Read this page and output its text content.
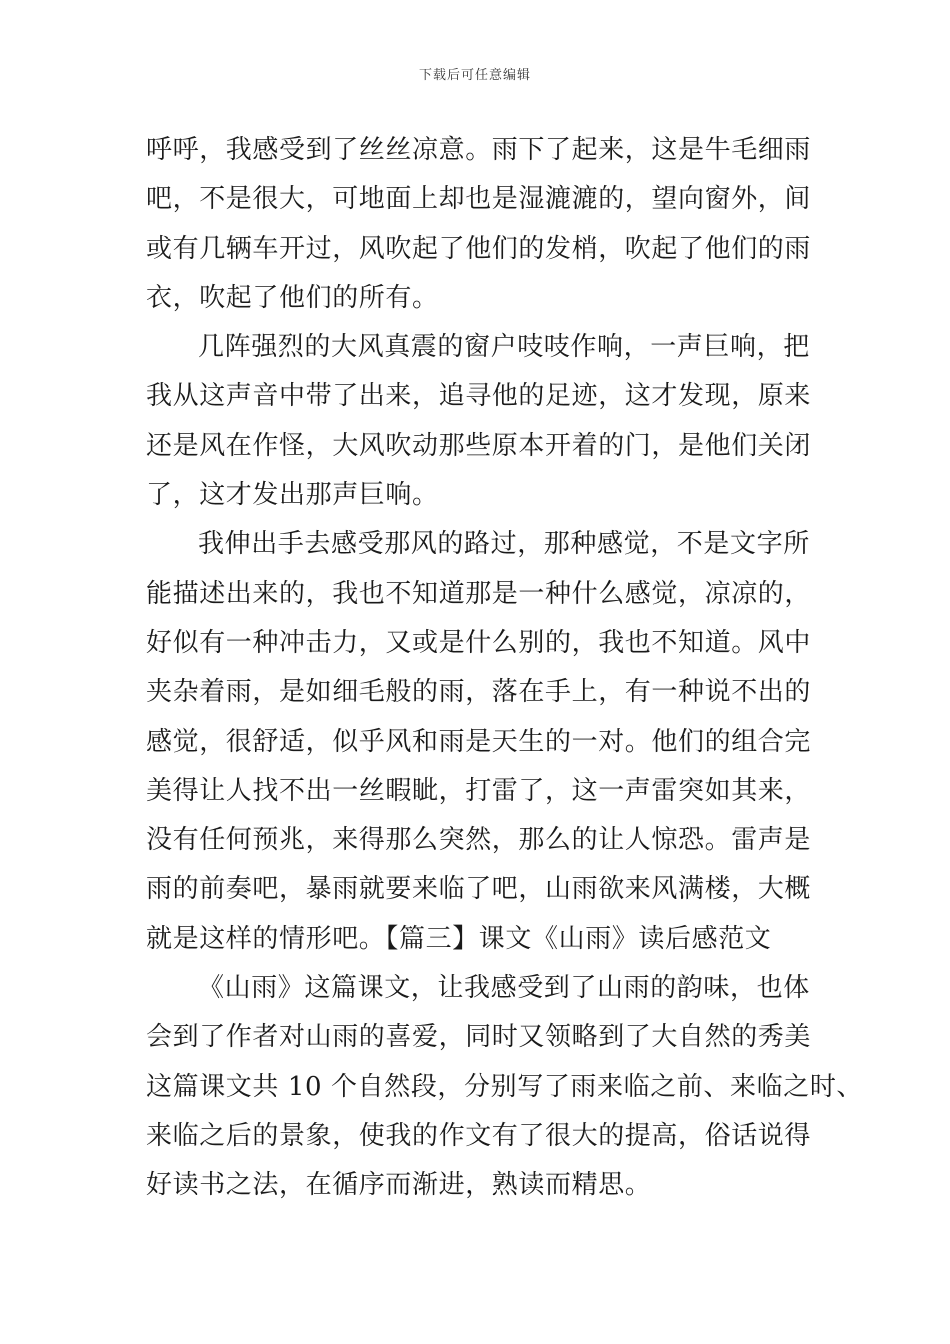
下载后可任意编辑
呼呼，我感受到了丝丝凉意。雨下了起来，这是牛毛细雨
吧，不是很大，可地面上却也是湿漉漉的，望向窗外，间
或有几辆车开过，风吹起了他们的发梢，吹起了他们的雨
衣，吹起了他们的所有。
几阵强烈的大风真震的窗户吱吱作响，一声巨响，把
我从这声音中带了出来，追寻他的足迹，这才发现，原来
还是风在作怪，大风吹动那些原本开着的门，是他们关闭
了，这才发出那声巨响。
我伸出手去感受那风的路过，那种感觉，不是文字所
能描述出来的，我也不知道那是一种什么感觉，凉凉的，
好似有一种冲击力，又或是什么别的，我也不知道。风中
夹杂着雨，是如细毛般的雨，落在手上，有一种说不出的
感觉，很舒适，似乎风和雨是天生的一对。他们的组合完
美得让人找不出一丝暇眦，打雷了，这一声雷突如其来，
没有任何预兆，来得那么突然，那么的让人惊恐。雷声是
雨的前奏吧，暴雨就要来临了吧，山雨欲来风满楼，大概
就是这样的情形吧。【篇三】课文《山雨》读后感范文
《山雨》这篇课文，让我感受到了山雨的韵味，也体
会到了作者对山雨的喜爱，同时又领略到了大自然的秀美
这篇课文共 10 个自然段，分别写了雨来临之前、来临之时、
来临之后的景象，使我的作文有了很大的提高，俗话说得
好读书之法，在循序而渐进，熟读而精思。
